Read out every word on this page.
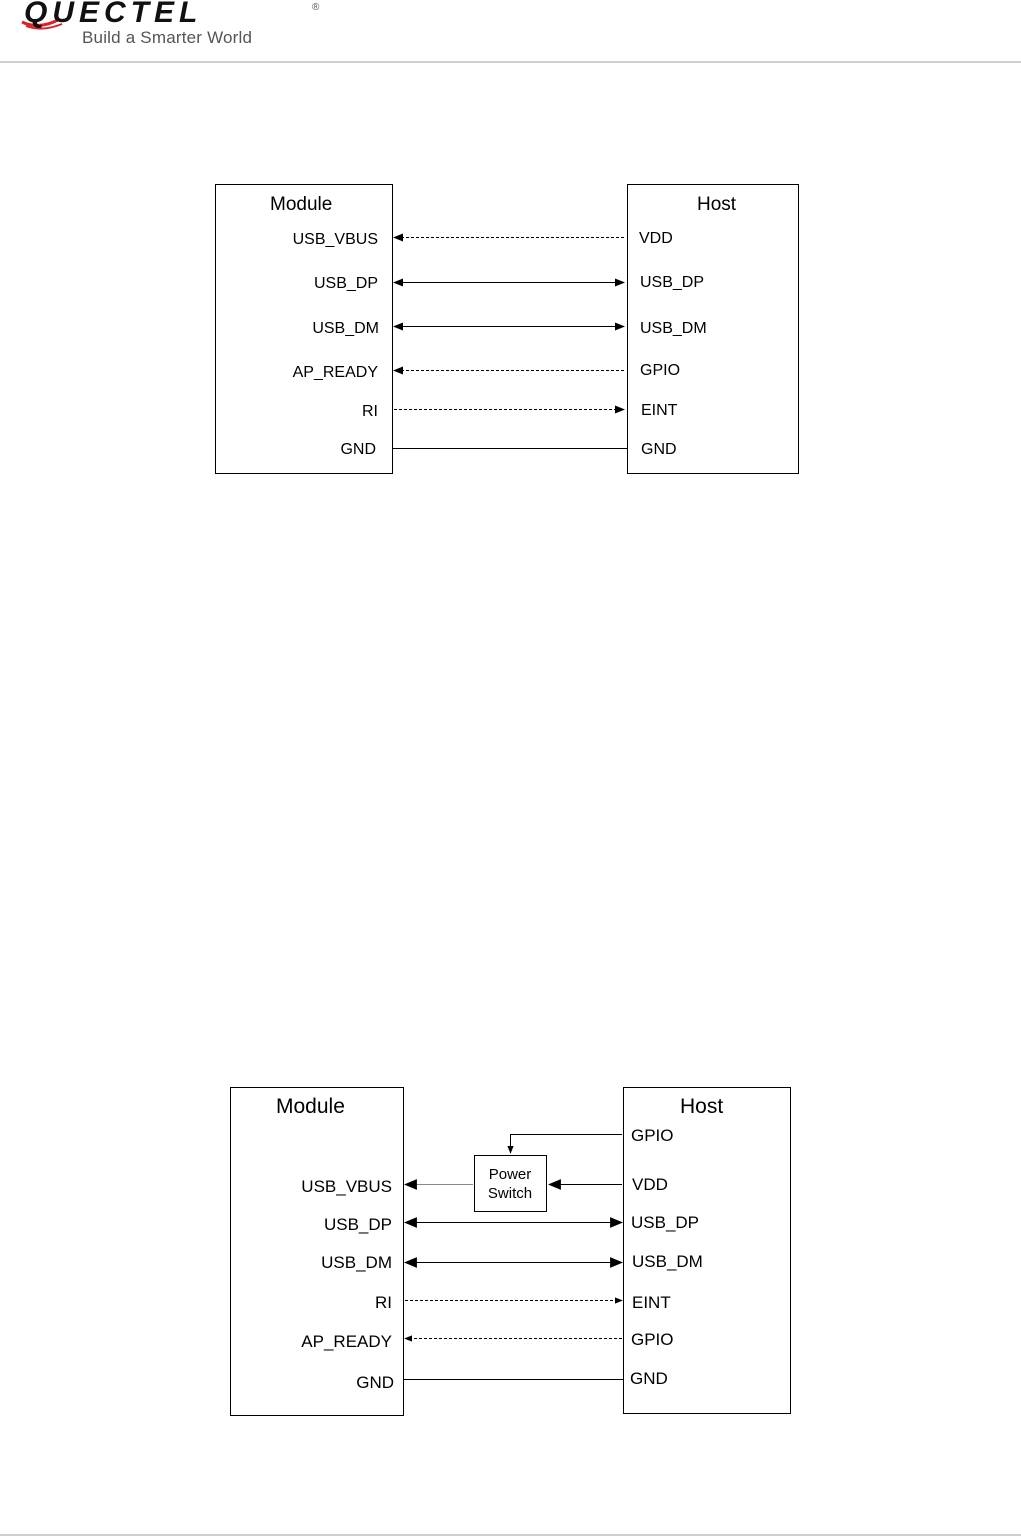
QUECTEL	®
Build a Smarter World
Module	Host
USB_VBUS
USB_DP
USB_DM
AP_READY
RI
GND
VDD
USB_DP
USB_DM
GPIO
EINT
GND
Module	Host
USB_VBUS
USB_DP
USB_DM
RI
AP_READY
GND
GPIO
VDD
USB_DP
USB_DM
EINT
GPIO
GND
Power
Switch
